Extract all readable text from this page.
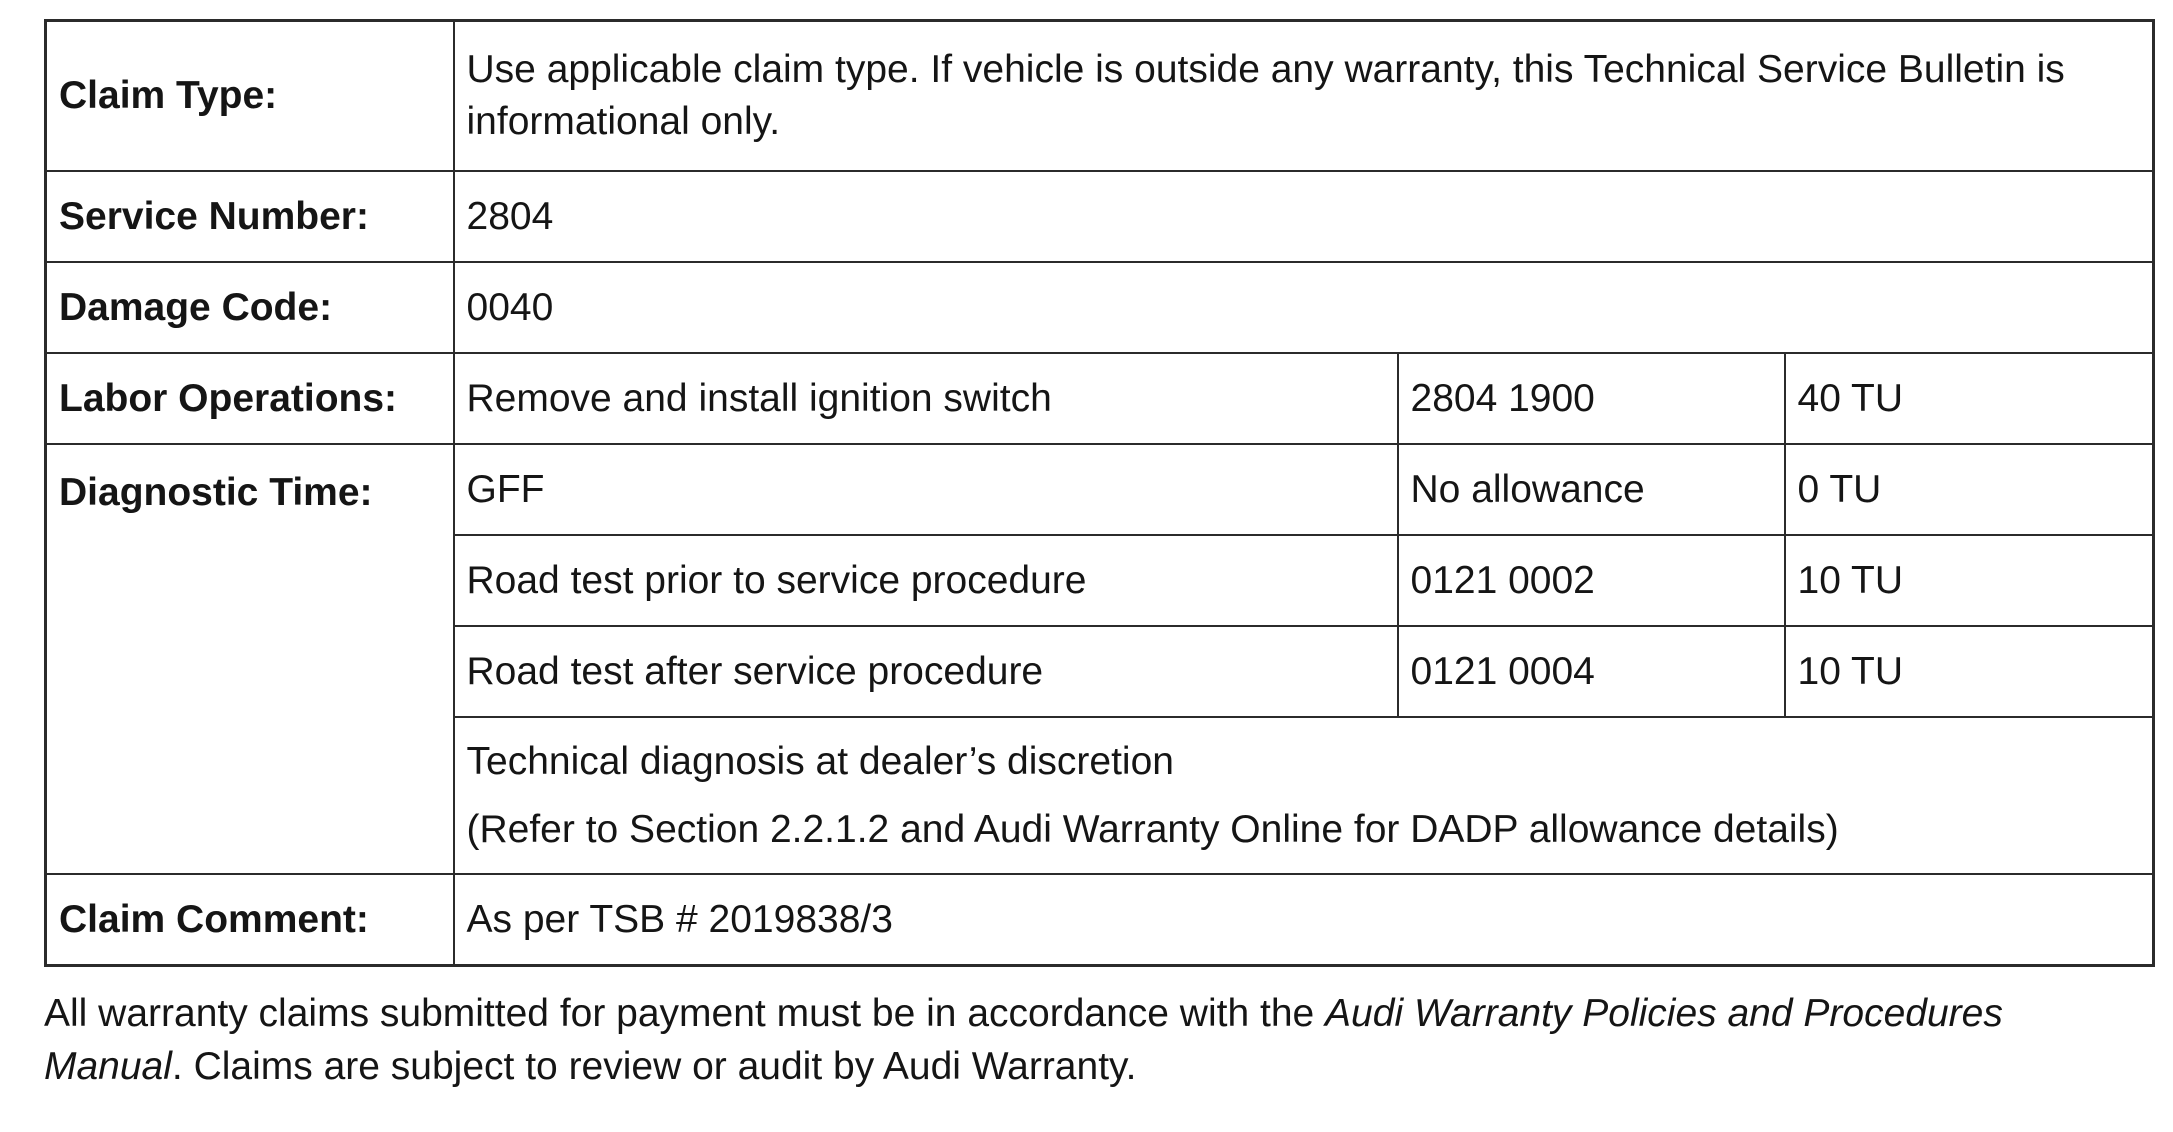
Claim Type:	Use applicable claim type. If vehicle is outside any warranty, this Technical Service Bulletin is informational only.		
Service Number:	2804		
Damage Code:	0040		
Labor Operations:	Remove and install ignition switch	2804 1900	40 TU
Diagnostic Time:	GFF	No allowance	0 TU
	Road test prior to service procedure	0121 0002	10 TU
	Road test after service procedure	0121 0004	10 TU

	Technical diagnosis at dealer’s discretion
(Refer to Section 2.2.1.2 and Audi Warranty Online for DADP allowance details)		

Claim Comment:	As per TSB # 2019838/3		

All warranty claims submitted for payment must be in accordance with the Audi Warranty Policies and Procedures Manual. Claims are subject to review or audit by Audi Warranty.
